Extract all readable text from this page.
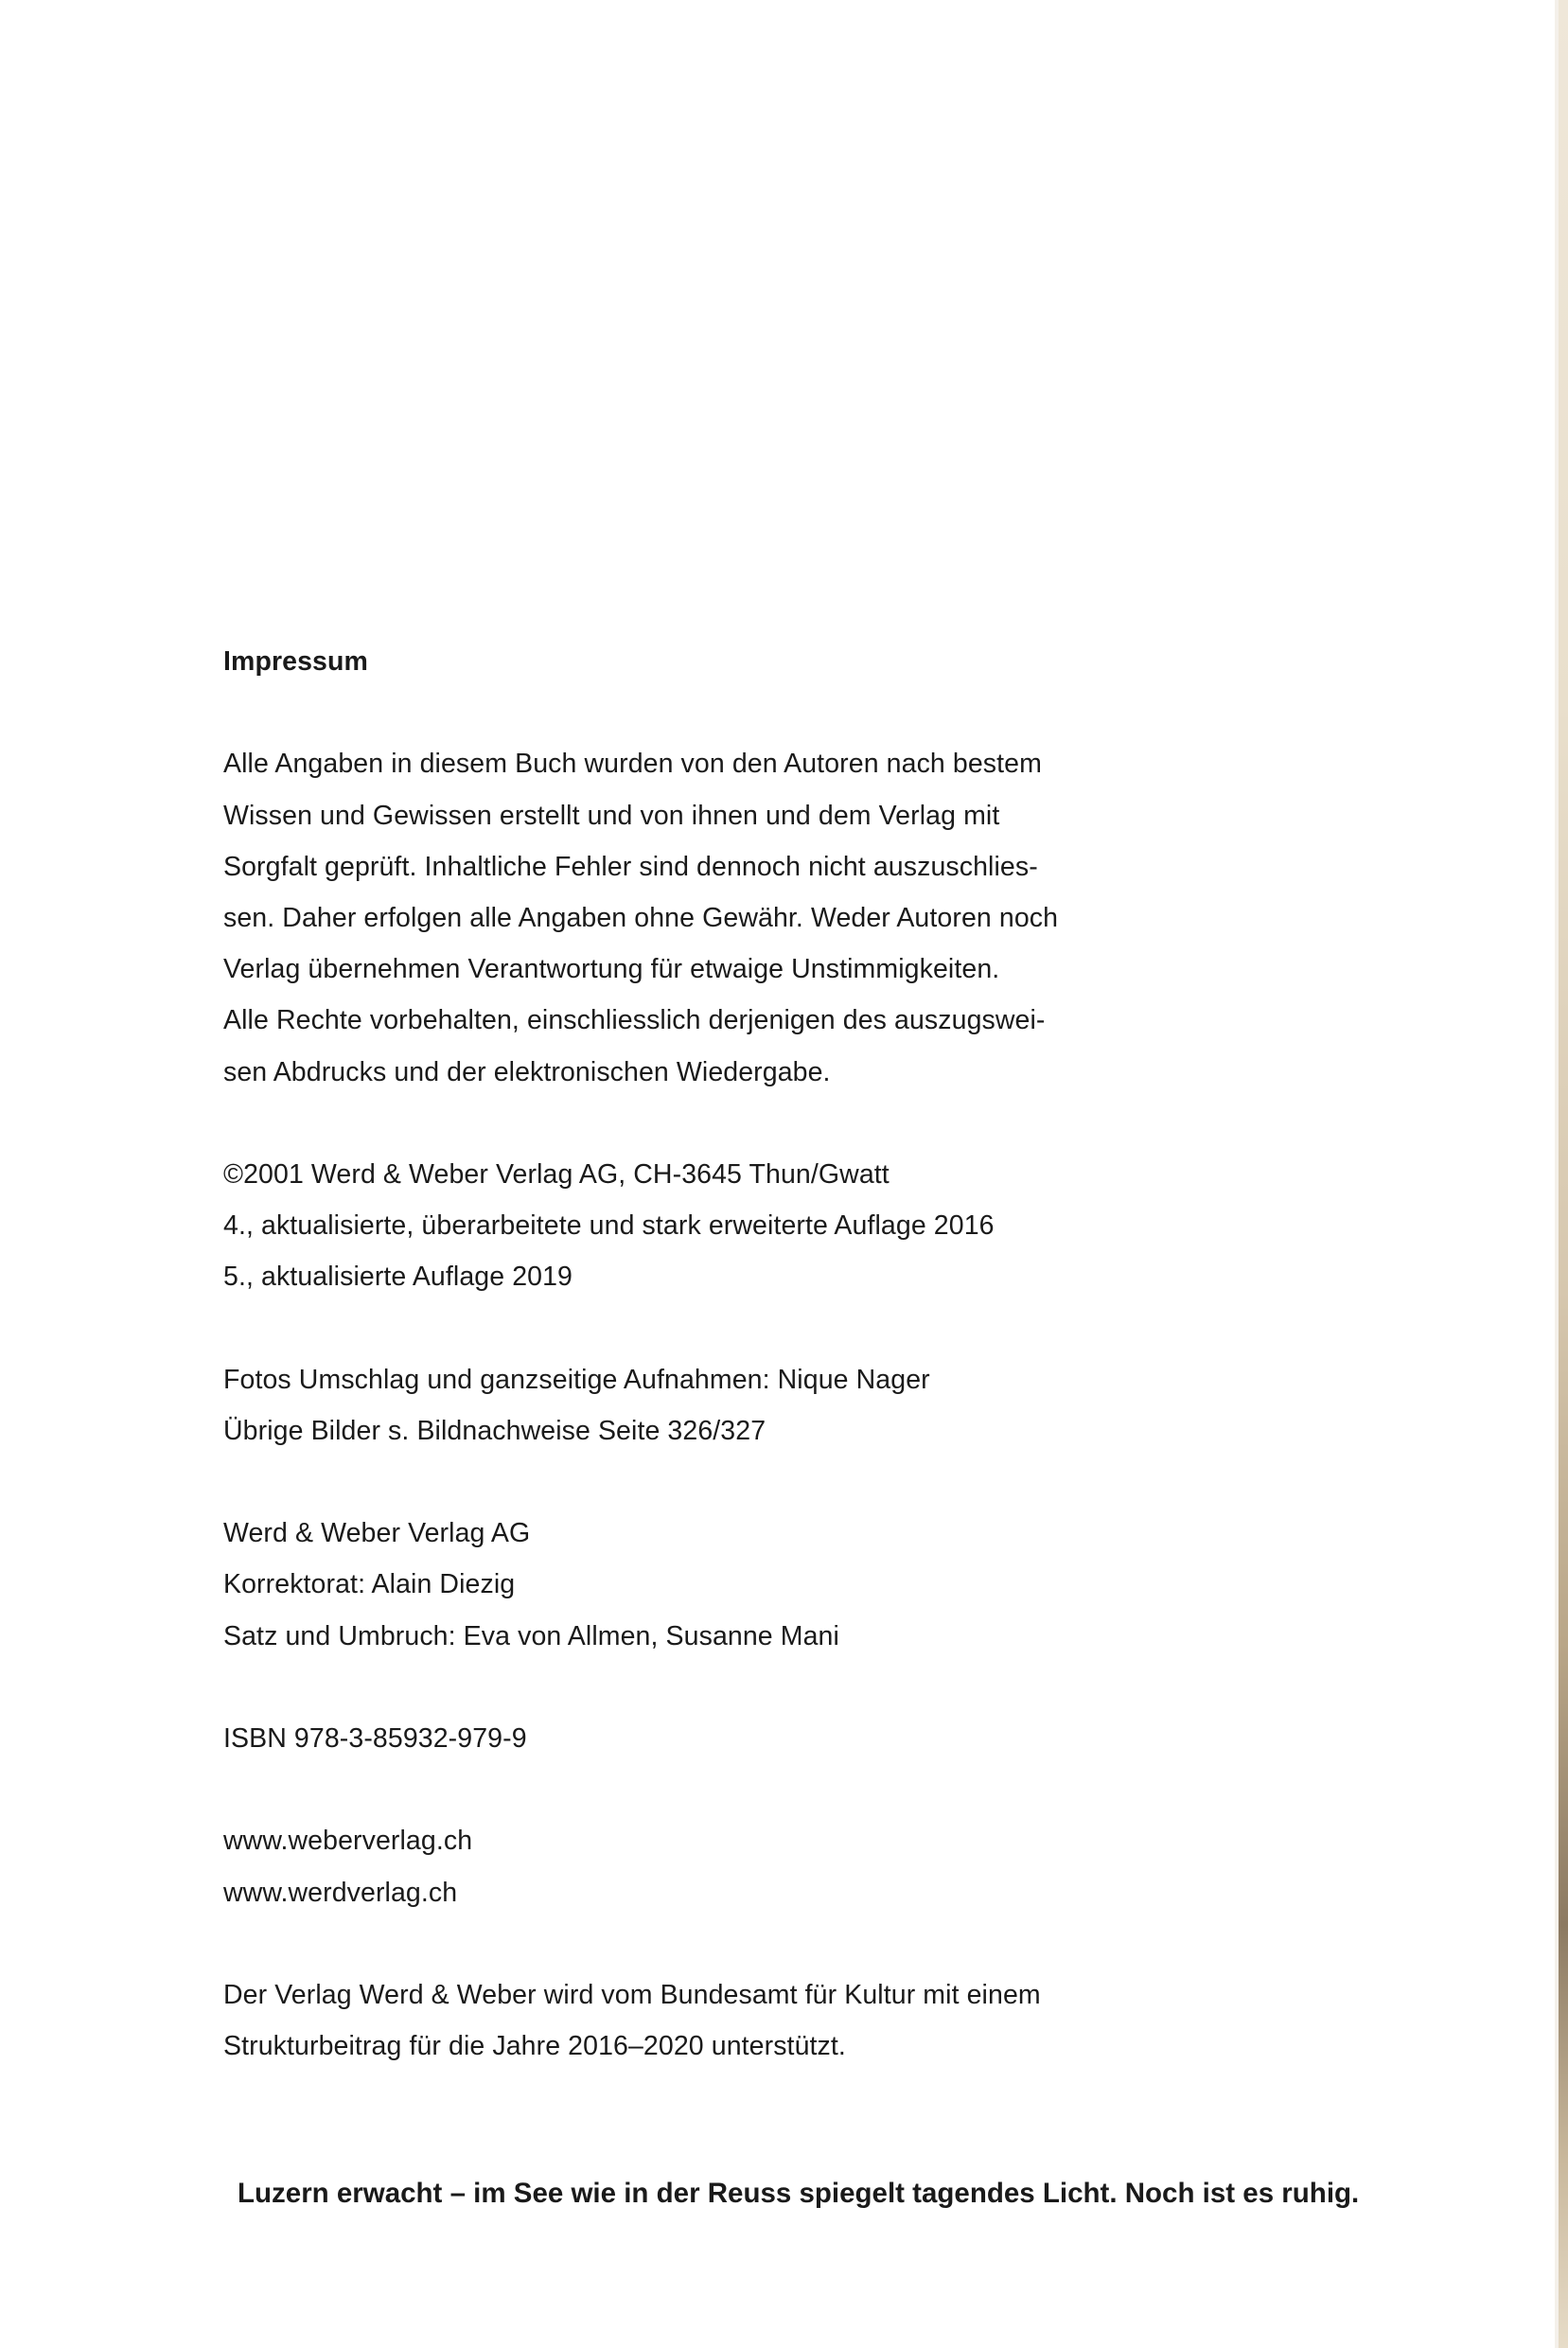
Impressum

Alle Angaben in diesem Buch wurden von den Autoren nach bestem
Wissen und Gewissen erstellt und von ihnen und dem Verlag mit
Sorgfalt geprüft. Inhaltliche Fehler sind dennoch nicht auszuschlies-
sen. Daher erfolgen alle Angaben ohne Gewähr. Weder Autoren noch
Verlag übernehmen Verantwortung für etwaige Unstimmigkeiten.
Alle Rechte vorbehalten, einschliesslich derjenigen des auszugswei-
sen Abdrucks und der elektronischen Wiedergabe.

©2001 Werd & Weber Verlag AG, CH-3645 Thun/Gwatt
4., aktualisierte, überarbeitete und stark erweiterte Auflage 2016
5., aktualisierte Auflage 2019

Fotos Umschlag und ganzseitige Aufnahmen: Nique Nager
Übrige Bilder s. Bildnachweise Seite 326/327

Werd & Weber Verlag AG
Korrektorat: Alain Diezig
Satz und Umbruch: Eva von Allmen, Susanne Mani

ISBN 978-3-85932-979-9

www.weberverlag.ch
www.werdverlag.ch

Der Verlag Werd & Weber wird vom Bundesamt für Kultur mit einem
Strukturbeitrag für die Jahre 2016–2020 unterstützt.

Luzern erwacht – im See wie in der Reuss spiegelt tagendes Licht. Noch ist es ruhig.
